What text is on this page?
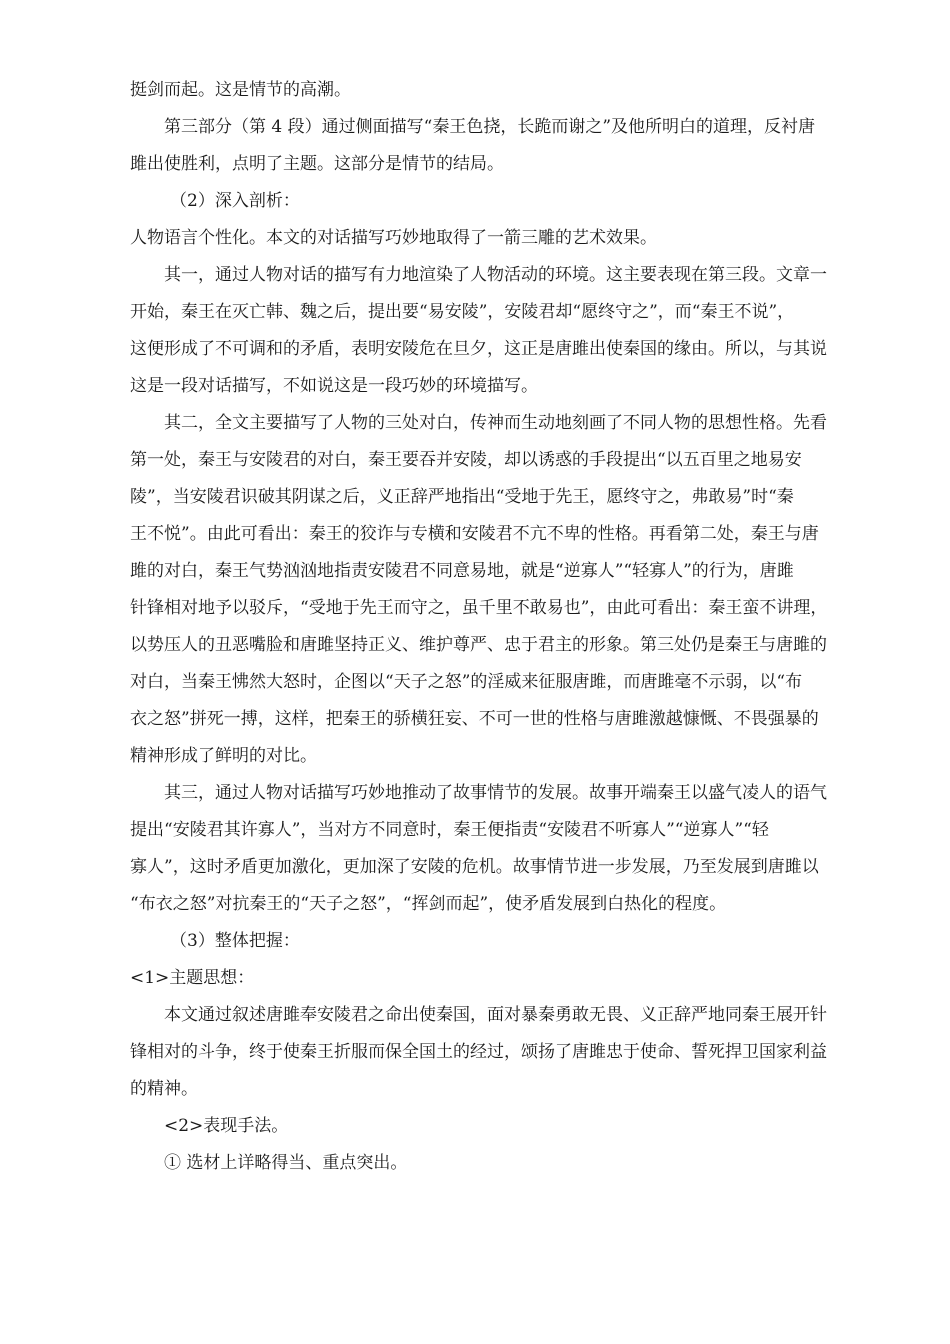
挺剑而起。这是情节的高潮。
第三部分（第 4 段）通过侧面描写“秦王色挠，长跪而谢之”及他所明白的道理，反衬唐
雎出使胜利，点明了主题。这部分是情节的结局。
（2）深入剖析：
人物语言个性化。本文的对话描写巧妙地取得了一箭三雕的艺术效果。
其一，通过人物对话的描写有力地渲染了人物活动的环境。这主要表现在第三段。文章一
开始，秦王在灭亡韩、魏之后，提出要“易安陵”，安陵君却“愿终守之”，而“秦王不说”，
这便形成了不可调和的矛盾，表明安陵危在旦夕，这正是唐雎出使秦国的缘由。所以，与其说
这是一段对话描写，不如说这是一段巧妙的环境描写。
其二，全文主要描写了人物的三处对白，传神而生动地刻画了不同人物的思想性格。先看
第一处，秦王与安陵君的对白，秦王要吞并安陵，却以诱惑的手段提出“以五百里之地易安
陵”，当安陵君识破其阴谋之后，义正辞严地指出“受地于先王，愿终守之，弗敢易”时“秦
王不悦”。由此可看出：秦王的狡诈与专横和安陵君不亢不卑的性格。再看第二处，秦王与唐
雎的对白，秦王气势汹汹地指责安陵君不同意易地，就是“逆寡人”“轻寡人”的行为，唐雎
针锋相对地予以驳斥，“受地于先王而守之，虽千里不敢易也”，由此可看出：秦王蛮不讲理，
以势压人的丑恶嘴脸和唐雎坚持正义、维护尊严、忠于君主的形象。第三处仍是秦王与唐雎的
对白，当秦王怫然大怒时，企图以“天子之怒”的淫威来征服唐雎，而唐雎毫不示弱，以“布
衣之怒”拼死一搏，这样，把秦王的骄横狂妄、不可一世的性格与唐雎激越慷慨、不畏强暴的
精神形成了鲜明的对比。
其三，通过人物对话描写巧妙地推动了故事情节的发展。故事开端秦王以盛气凌人的语气
提出“安陵君其许寡人”，当对方不同意时，秦王便指责“安陵君不听寡人”“逆寡人”“轻
寡人”，这时矛盾更加激化，更加深了安陵的危机。故事情节进一步发展，乃至发展到唐雎以
“布衣之怒”对抗秦王的“天子之怒”，“挥剑而起”，使矛盾发展到白热化的程度。
（3）整体把握：
<1>主题思想：
本文通过叙述唐雎奉安陵君之命出使秦国，面对暴秦勇敢无畏、义正辞严地同秦王展开针
锋相对的斗争，终于使秦王折服而保全国土的经过，颂扬了唐雎忠于使命、誓死捍卫国家利益
的精神。
<2>表现手法。
① 选材上详略得当、重点突出。
